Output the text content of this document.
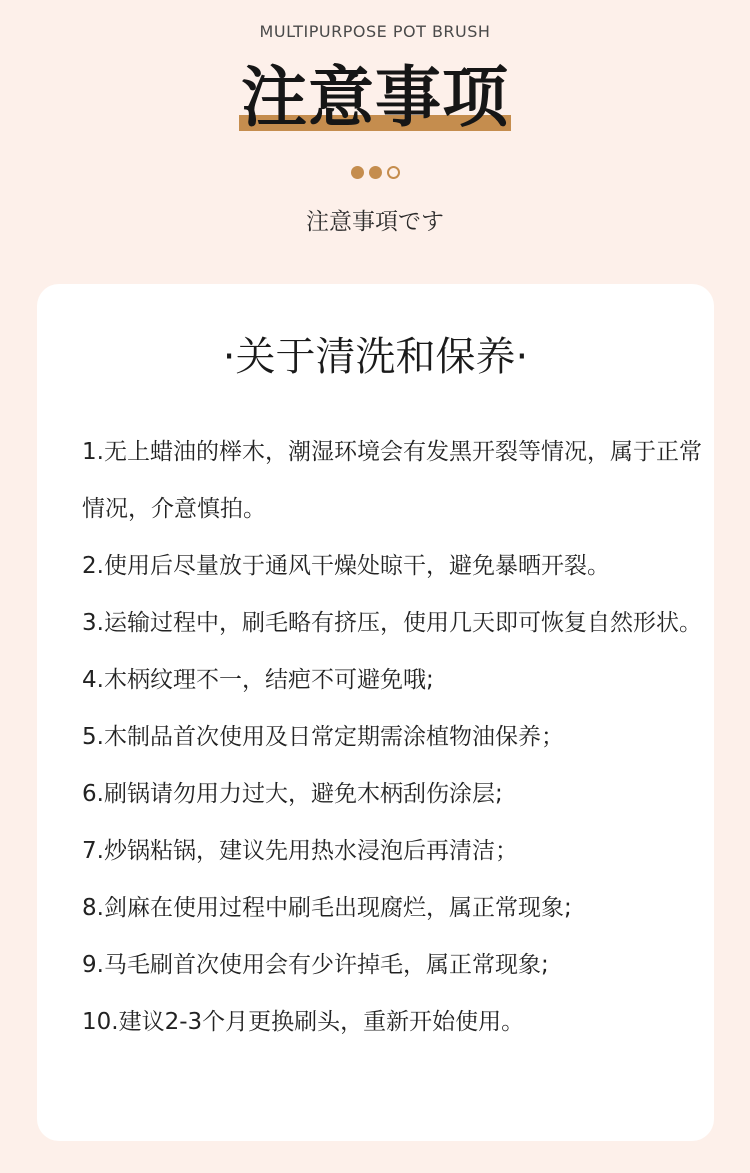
MULTIPURPOSE POT BRUSH
注意事项
注意事項です
·关于清洗和保养·
1.无上蜡油的榉木，潮湿环境会有发黑开裂等情况，属于正常情况，介意慎拍。
2.使用后尽量放于通风干燥处晾干，避免暴晒开裂。
3.运输过程中，刷毛略有挤压，使用几天即可恢复自然形状。
4.木柄纹理不一，结疤不可避免哦;
5.木制品首次使用及日常定期需涂植物油保养；
6.刷锅请勿用力过大，避免木柄刮伤涂层;
7.炒锅粘锅，建议先用热水浸泡后再清洁；
8.剑麻在使用过程中刷毛出现腐烂，属正常现象;
9.马毛刷首次使用会有少许掉毛，属正常现象;
10.建议2-3个月更换刷头，重新开始使用。
